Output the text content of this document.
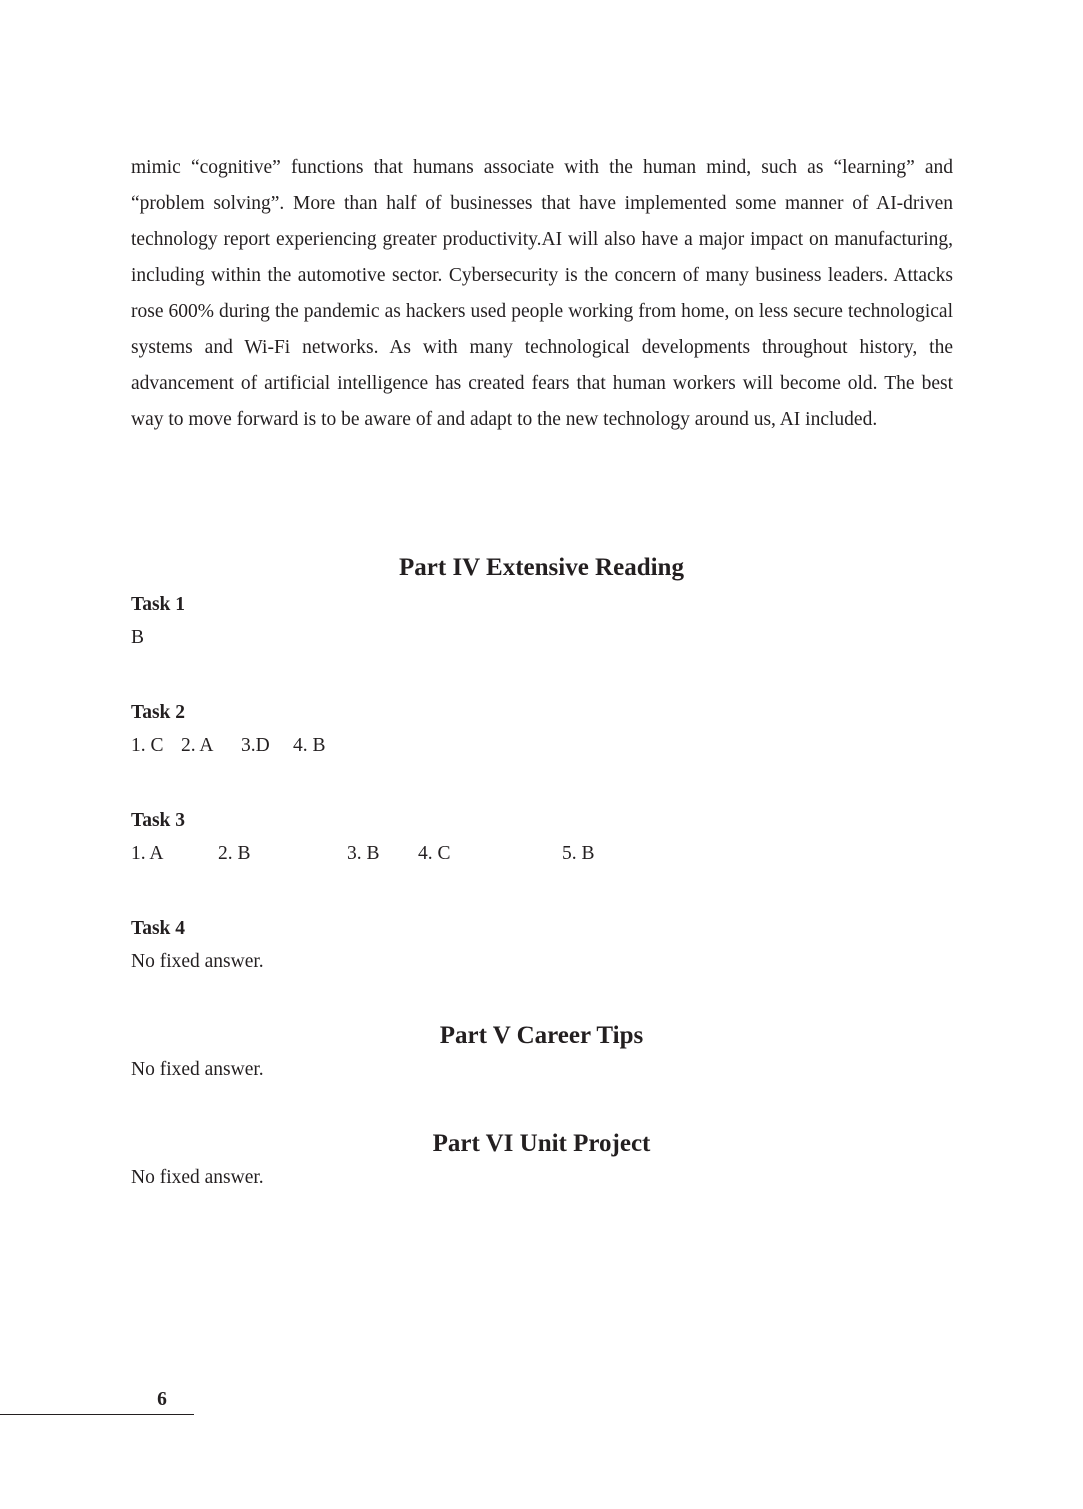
mimic “cognitive” functions that humans associate with the human mind, such as “learning” and “problem solving”. More than half of businesses that have implemented some manner of AI-driven technology report experiencing greater productivity.AI will also have a major impact on manufacturing, including within the automotive sector. Cybersecurity is the concern of many business leaders. Attacks rose 600% during the pandemic as hackers used people working from home, on less secure technological systems and Wi-Fi networks. As with many technological developments throughout history, the advancement of artificial intelligence has created fears that human workers will become old. The best way to move forward is to be aware of and adapt to the new technology around us, AI included.

Part IV Extensive Reading
Task 1
B
Task 2
1. C 2. A 3.D 4. B
Task 3
1. A	2. B	3. B 4. C	5. B
Task 4
No fixed answer.
Part V Career Tips
No fixed answer.
Part VI Unit Project
No fixed answer.
6
